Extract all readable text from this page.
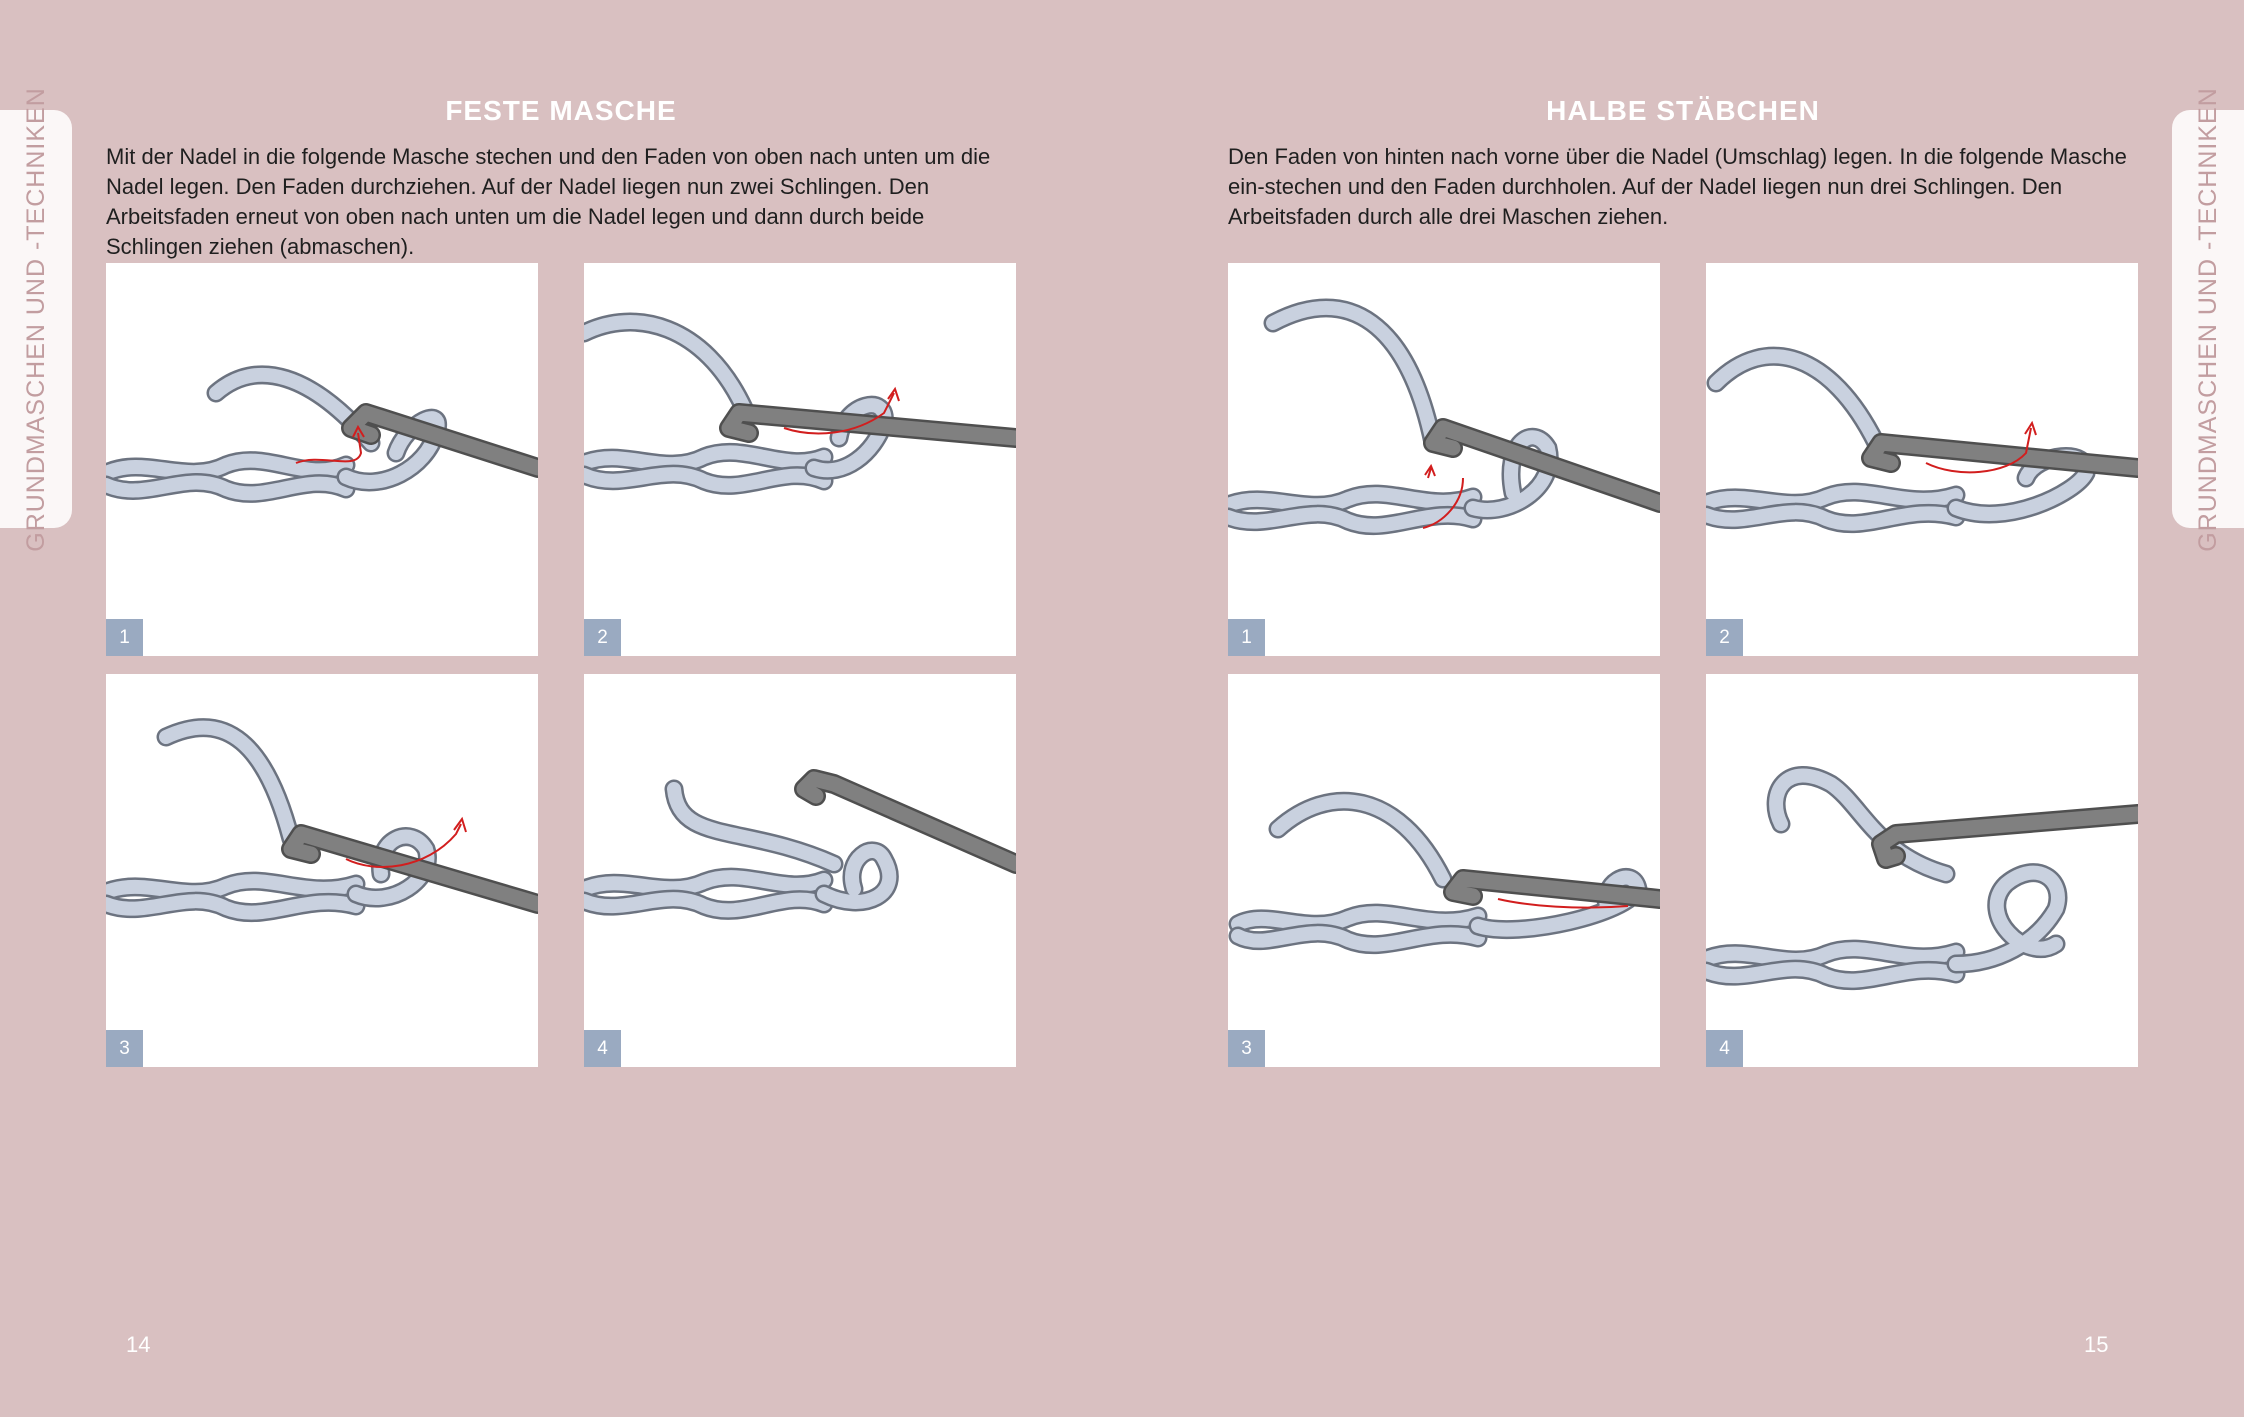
GRUNDMASCHEN UND -TECHNIKEN	FESTE MASCHE

Mit der Nadel in die folgende Masche stechen und den Faden von oben nach unten um die Nadel legen. Den Faden durchziehen. Auf der Nadel liegen nun zwei Schlingen. Den Arbeitsfaden erneut von oben nach unten um die Nadel legen und dann durch beide Schlingen ziehen (abmaschen).

1	2
3	4
14
HALBE STÄBCHEN

Den Faden von hinten nach vorne über die Nadel (Umschlag) legen. In die folgende Masche ein-stechen und den Faden durchholen. Auf der Nadel liegen nun drei Schlingen. Den Arbeitsfaden durch alle drei Maschen ziehen.

1	2
3	4
15
GRUNDMASCHEN UND -TECHNIKEN
